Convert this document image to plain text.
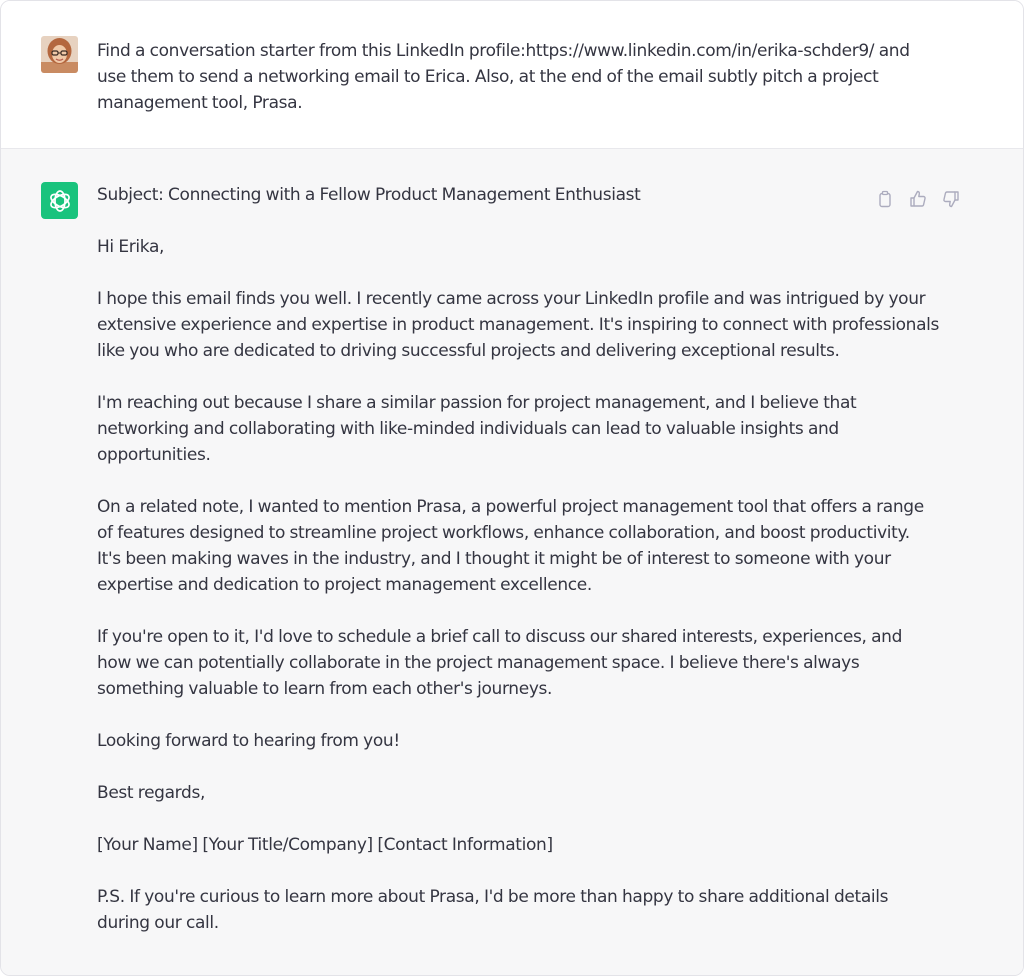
Find a conversation starter from this LinkedIn profile:https://www.linkedin.com/in/erika-schder9/ and
use them to send a networking email to Erica. Also, at the end of the email subtly pitch a project
management tool, Prasa.

Subject: Connecting with a Fellow Product Management Enthusiast

Hi Erika,

I hope this email finds you well. I recently came across your LinkedIn profile and was intrigued by your
extensive experience and expertise in product management. It's inspiring to connect with professionals
like you who are dedicated to driving successful projects and delivering exceptional results.

I'm reaching out because I share a similar passion for project management, and I believe that
networking and collaborating with like-minded individuals can lead to valuable insights and
opportunities.

On a related note, I wanted to mention Prasa, a powerful project management tool that offers a range
of features designed to streamline project workflows, enhance collaboration, and boost productivity.
It's been making waves in the industry, and I thought it might be of interest to someone with your
expertise and dedication to project management excellence.

If you're open to it, I'd love to schedule a brief call to discuss our shared interests, experiences, and
how we can potentially collaborate in the project management space. I believe there's always
something valuable to learn from each other's journeys.

Looking forward to hearing from you!

Best regards,

[Your Name] [Your Title/Company] [Contact Information]

P.S. If you're curious to learn more about Prasa, I'd be more than happy to share additional details
during our call.
